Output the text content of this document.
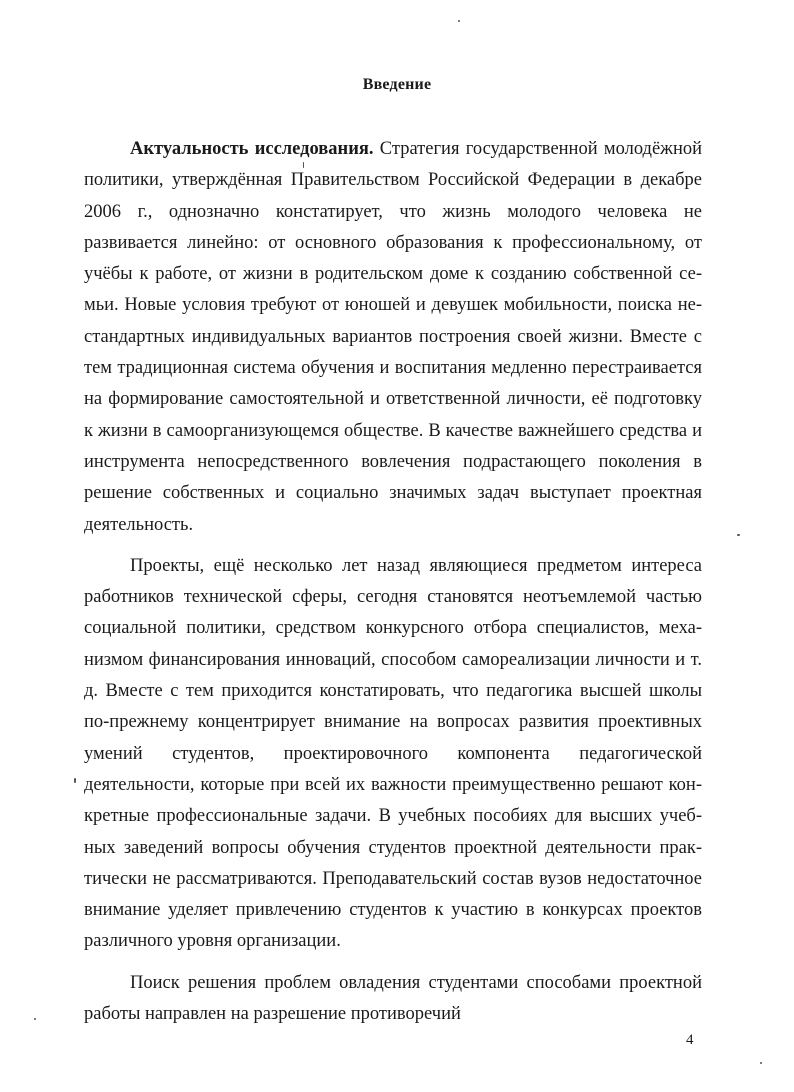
Введение

Актуальность исследования. Стратегия государственной молодёжной политики, утверждённая Правительством Российской Федерации в декабре 2006 г., однозначно констатирует, что жизнь молодого человека не развивается линейно: от основного образования к профессиональному, от учёбы к работе, от жизни в родительском доме к созданию собственной семьи. Новые условия требуют от юношей и девушек мобильности, поиска нестандартных индивидуальных вариантов построения своей жизни. Вместе с тем традиционная система обучения и воспитания медленно перестраивается на формирование самостоятельной и ответственной личности, её подготовку к жизни в самоорганизующемся обществе. В качестве важнейшего средства и инструмента непосредственного вовлечения подрастающего поколения в решение собственных и социально значимых задач выступает проектная деятельность.

Проекты, ещё несколько лет назад являющиеся предметом интереса работников технической сферы, сегодня становятся неотъемлемой частью социальной политики, средством конкурсного отбора специалистов, механизмом финансирования инноваций, способом самореализации личности и т. д. Вместе с тем приходится констатировать, что педагогика высшей школы по-прежнему концентрирует внимание на вопросах развития проективных умений студентов, проектировочного компонента педагогической деятельности, которые при всей их важности преимущественно решают конкретные профессиональные задачи. В учебных пособиях для высших учебных заведений вопросы обучения студентов проектной деятельности практически не рассматриваются. Преподавательский состав вузов недостаточное внимание уделяет привлечению студентов к участию в конкурсах проектов различного уровня организации.

Поиск решения проблем овладения студентами способами проектной работы направлен на разрешение противоречий

4
